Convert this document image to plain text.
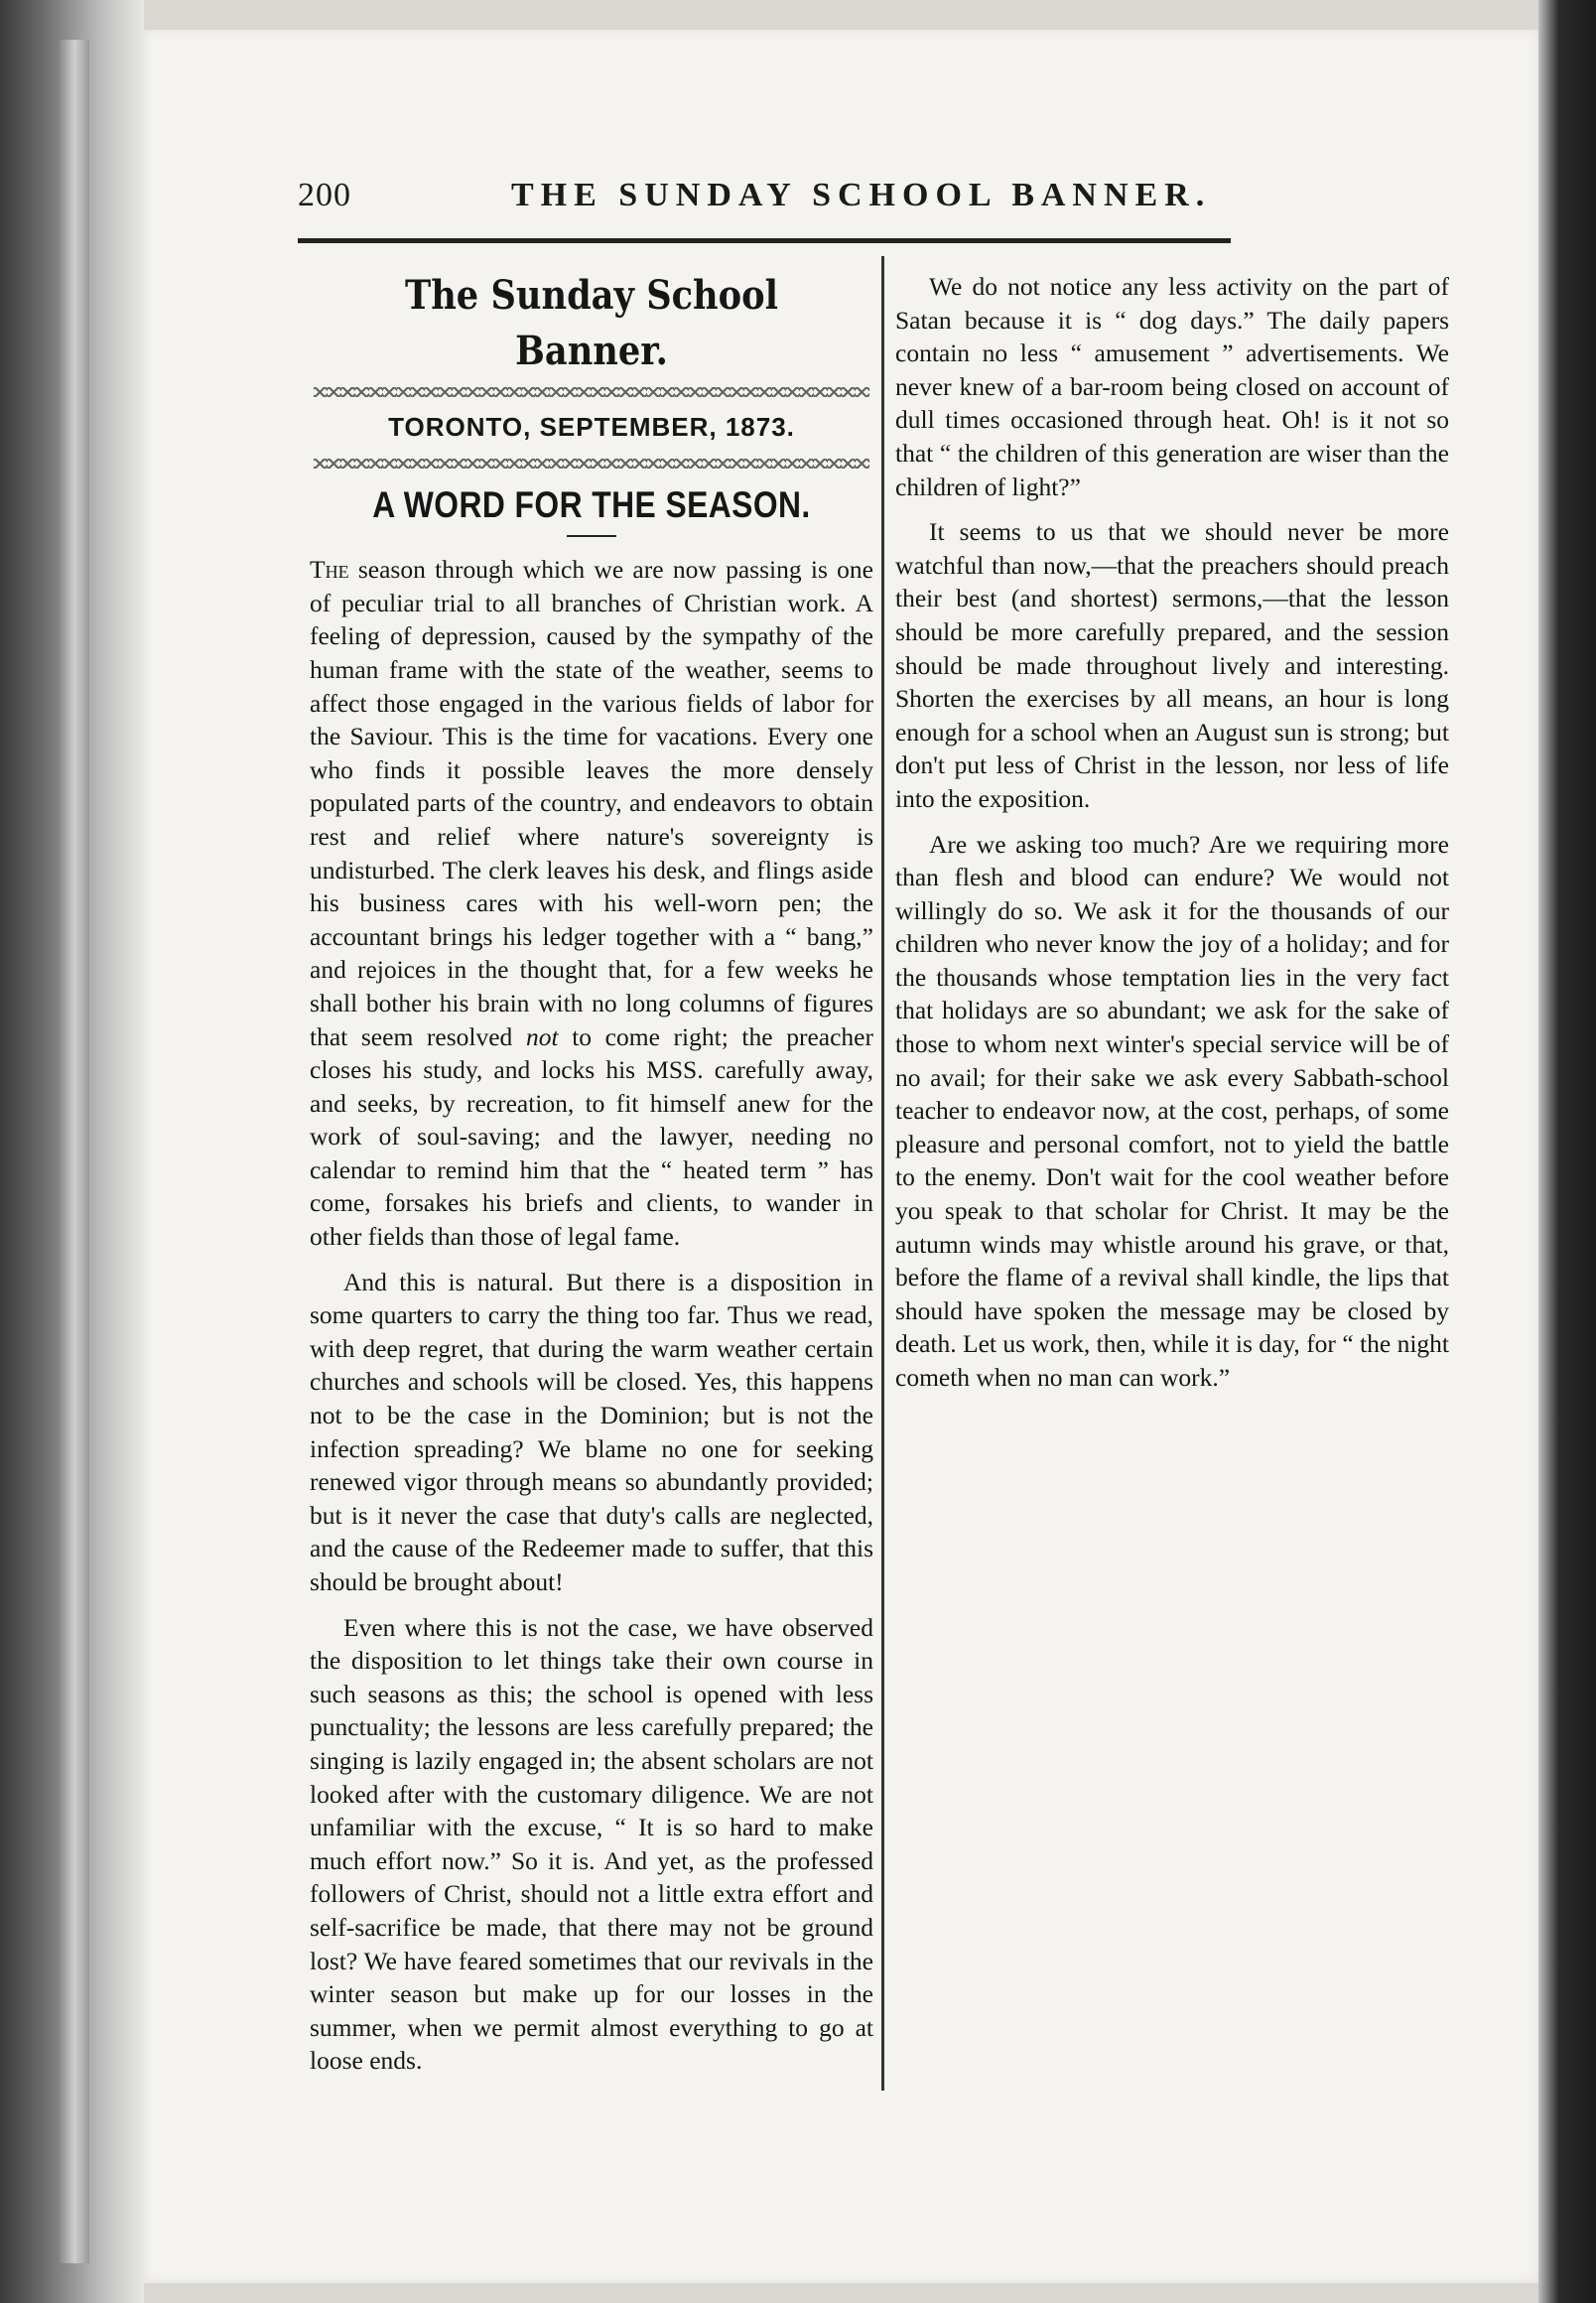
200	THE SUNDAY SCHOOL BANNER.
The Sunday School Banner.
TORONTO, SEPTEMBER, 1873.
A WORD FOR THE SEASON.

The season through which we are now passing is one of peculiar trial to all branches of Christian work. A feeling of depression, caused by the sympathy of the human frame with the state of the weather, seems to affect those engaged in the various fields of labor for the Saviour. This is the time for vacations. Every one who finds it possible leaves the more densely populated parts of the country, and endeavors to obtain rest and relief where nature's sovereignty is undisturbed. The clerk leaves his desk, and flings aside his business cares with his well-worn pen; the accountant brings his ledger together with a “ bang,” and rejoices in the thought that, for a few weeks he shall bother his brain with no long columns of figures that seem resolved not to come right; the preacher closes his study, and locks his MSS. carefully away, and seeks, by recreation, to fit himself anew for the work of soul-saving; and the lawyer, needing no calendar to remind him that the “ heated term ” has come, forsakes his briefs and clients, to wander in other fields than those of legal fame.

And this is natural. But there is a disposition in some quarters to carry the thing too far. Thus we read, with deep regret, that during the warm weather certain churches and schools will be closed. Yes, this happens not to be the case in the Dominion; but is not the infection spreading? We blame no one for seeking renewed vigor through means so abundantly provided; but is it never the case that duty's calls are neglected, and the cause of the Redeemer made to suffer, that this should be brought about!

Even where this is not the case, we have observed the disposition to let things take their own course in such seasons as this; the school is opened with less punctuality; the lessons are less carefully prepared; the singing is lazily engaged in; the absent scholars are not looked after with the customary diligence. We are not unfamiliar with the excuse, “ It is so hard to make much effort now.” So it is. And yet, as the professed followers of Christ, should not a little extra effort and self-sacrifice be made, that there may not be ground lost? We have feared sometimes that our revivals in the winter season but make up for our losses in the summer, when we permit almost everything to go at loose ends.

We do not notice any less activity on the part of Satan because it is “ dog days.” The daily papers contain no less “ amusement ” advertisements. We never knew of a bar-room being closed on account of dull times occasioned through heat. Oh! is it not so that “ the children of this generation are wiser than the children of light?”

It seems to us that we should never be more watchful than now,—that the preachers should preach their best (and shortest) sermons,—that the lesson should be more carefully prepared, and the session should be made throughout lively and interesting. Shorten the exercises by all means, an hour is long enough for a school when an August sun is strong; but don't put less of Christ in the lesson, nor less of life into the exposition.

Are we asking too much? Are we requiring more than flesh and blood can endure? We would not willingly do so. We ask it for the thousands of our children who never know the joy of a holiday; and for the thousands whose temptation lies in the very fact that holidays are so abundant; we ask for the sake of those to whom next winter's special service will be of no avail; for their sake we ask every Sabbath-school teacher to endeavor now, at the cost, perhaps, of some pleasure and personal comfort, not to yield the battle to the enemy. Don't wait for the cool weather before you speak to that scholar for Christ. It may be the autumn winds may whistle around his grave, or that, before the flame of a revival shall kindle, the lips that should have spoken the message may be closed by death. Let us work, then, while it is day, for “ the night cometh when no man can work.”
